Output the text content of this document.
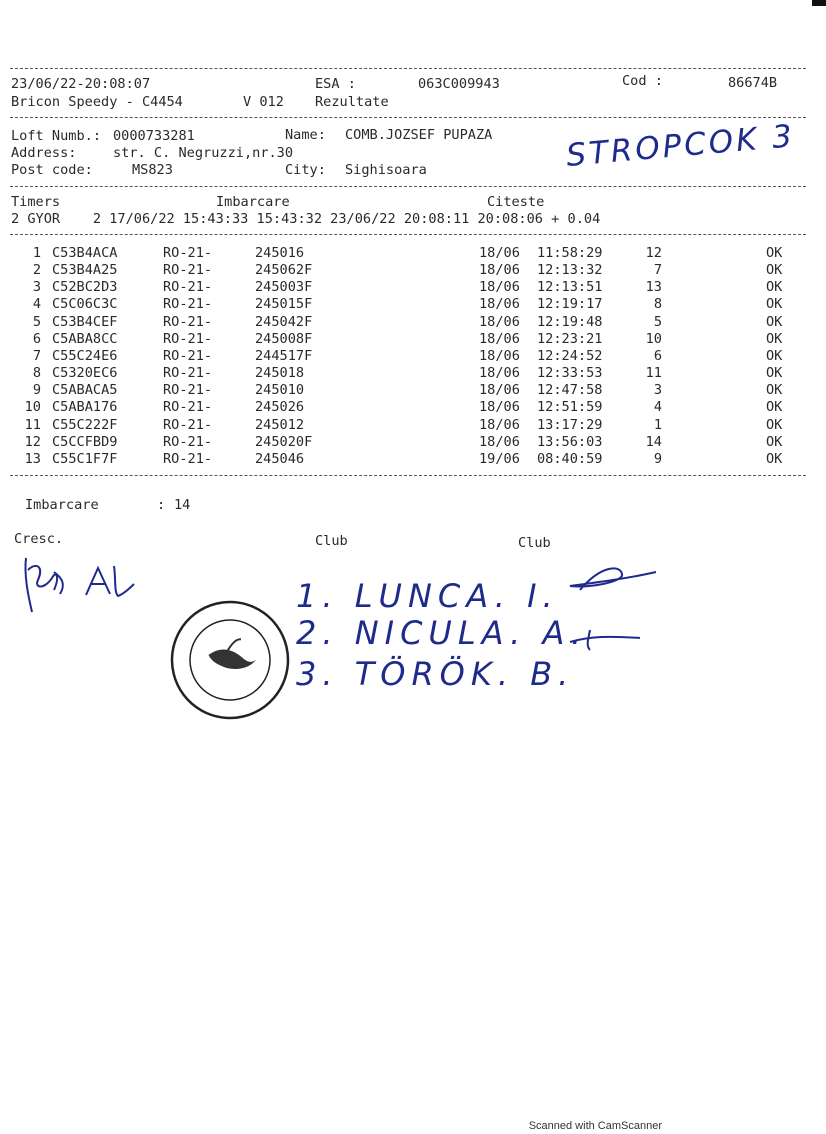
23/06/22-20:08:07	ESA :	063C009943	Cod :	86674B
Bricon Speedy - C4454	V 012 Rezultate
Loft Numb.: 0000733281	Name: COMB.JOZSEF PUPAZA
Address:	str. C. Negruzzi,nr.30
Post code:	MS823	City: Sighisoara	STROPCOK 3
Timers	Imbarcare	Citeste
2 GYOR    2 17/06/22 15:43:33 15:43:32 23/06/22 20:08:11 20:08:06 + 0.04
1 C53B4ACA	RO-21-	245016	18/06 11:58:29	12	OK
2 C53B4A25	RO-21-	245062F	18/06 12:13:32	7	OK
3 C52BC2D3	RO-21-	245003F	18/06 12:13:51	13	OK
4 C5C06C3C	RO-21-	245015F	18/06 12:19:17	8	OK
5 C53B4CEF	RO-21-	245042F	18/06 12:19:48	5	OK
6 C5ABA8CC	RO-21-	245008F	18/06 12:23:21	10	OK
7 C55C24E6	RO-21-	244517F	18/06 12:24:52	6	OK
8 C5320EC6	RO-21-	245018	18/06 12:33:53	11	OK
9 C5ABACA5	RO-21-	245010	18/06 12:47:58	3	OK
10 C5ABA176	RO-21-	245026	18/06 12:51:59	4	OK
11 C55C222F	RO-21-	245012	18/06 13:17:29	1	OK
12 C5CCFBD9	RO-21-	245020F	18/06 13:56:03	14	OK
13 C55C1F7F	RO-21-	245046	19/06 08:40:59	9	OK
Imbarcare	: 14
Cresc.	Club	Club
1. LUNCA. I.
2. NICULA. A.
3. TÖRÖK. B.
Scanned with CamScanner
